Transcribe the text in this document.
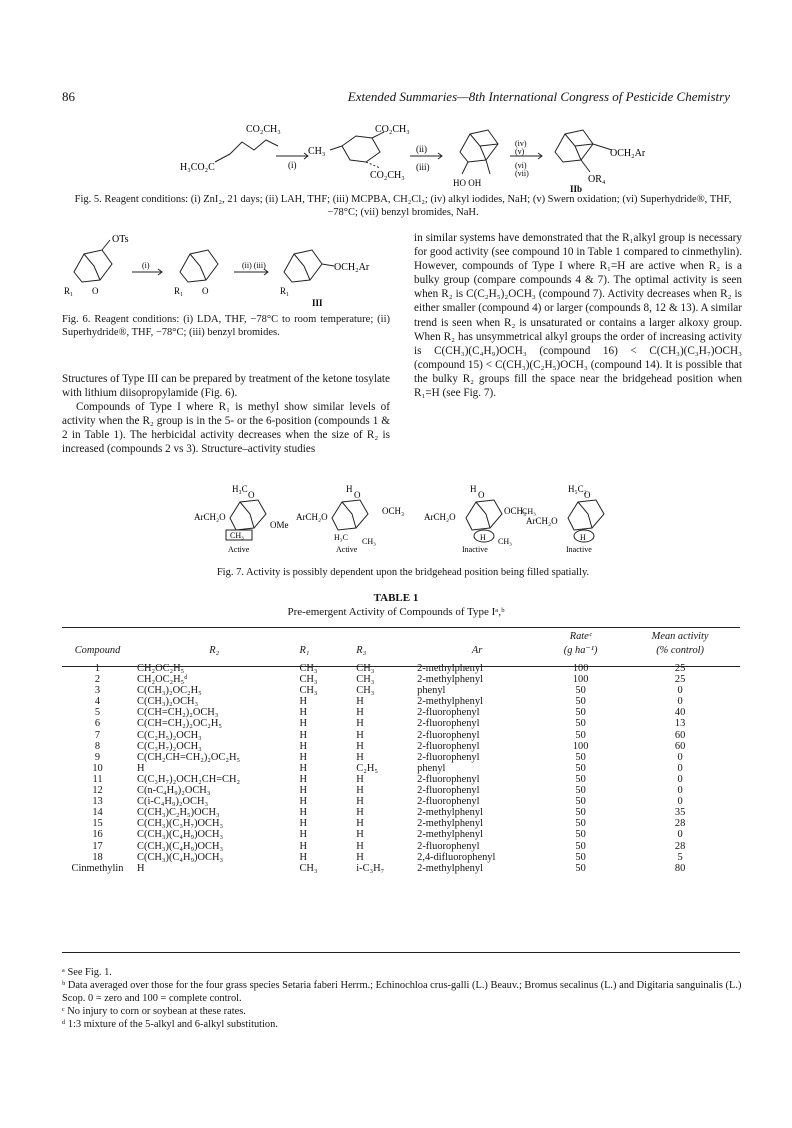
86	Extended Summaries—8th International Congress of Pesticide Chemistry
CO₂CH₃
H₃CO₂C	(i)
CH₃
CO₂CH₃
CO₂CH₃
(ii)
(iii)
HO OH
(iv)
(v)
(vi)
(vii)
OCH₂Ar
OR₄
IIb
Fig. 5. Reagent conditions: (i) ZnI₂, 21 days; (ii) LAH, THF; (iii) MCPBA, CH₂Cl₂; (iv) alkyl iodides, NaH; (v) Swern oxidation; (vi) Superhydride®, THF, −78°C; (vii) benzyl bromides, NaH.
OTs
(i)	(ii) (iii)
R₁ O	R₁ O	R₁
OCH₂Ar
III
Fig. 6. Reagent conditions: (i) LDA, THF, −78°C to room temperature; (ii) Superhydride®, THF, −78°C; (iii) benzyl bromides.

Structures of Type III can be prepared by treatment of the ketone tosylate with lithium diisopropylamide (Fig. 6).

Compounds of Type I where R₁ is methyl show similar levels of activity when the R₂ group is in the 5- or the 6-position (compounds 1 & 2 in Table 1). The herbicidal activity decreases when the size of R₂ is increased (compounds 2 vs 3). Structure–activity studies

in similar systems have demonstrated that the R₁alkyl group is necessary for good activity (see compound 10 in Table 1 compared to cinmethylin). However, compounds of Type I where R₁=H are active when R₂ is a bulky group (compare compounds 4 & 7). The optimal activity is seen when R₂ is C(C₂H₅)₂OCH₃ (compound 7). Activity decreases when R₂ is either smaller (compound 4) or larger (compounds 8, 12 & 13). A similar trend is seen when R₂ is unsaturated or contains a larger alkoxy group. When R₂ has unsymmetrical alkyl groups the order of increasing activity is C(CH₃)(C₄H₉)OCH₃ (compound 16) < C(CH₃)(C₃H₇)OCH₃ (compound 15) < C(CH₃)(C₂H₅)OCH₃ (compound 14). It is possible that the bulky R₂ groups fill the space near the bridgehead position when R₁=H (see Fig. 7).

H₃C
O
ArCH₂O
CH₃
OMe
Active
H
O
OCH₃
ArCH₂O
H₃C CH₃
Active
H
O
OCH₃
ArCH₂O
H CH₃
Inactive
H₅C₂
O
CH₃
ArCH₂O
H
Inactive
Fig. 7. Activity is possibly dependent upon the bridgehead position being filled spatially.
TABLE 1
Pre-emergent Activity of Compounds of Type Iᵃ,ᵇ
					Rateᶜ	Mean activity
Compound	R₂	R₁	R₃	Ar	(g ha⁻¹)	(% control)

1	CH₂OC₂H₅	CH₃	CH₃	2-methylphenyl	100	25
2	CH₂OC₂H₅ᵈ	CH₃	CH₃	2-methylphenyl	100	25
3	C(CH₃)₂OC₂H₅	CH₃	CH₃	phenyl	50	0
4	C(CH₃)₂OCH₃	H	H	2-methylphenyl	50	0
5	C(CH=CH₂)₂OCH₃	H	H	2-fluorophenyl	50	40
6	C(CH=CH₂)₂OC₂H₅	H	H	2-fluorophenyl	50	13
7	C(C₂H₅)₂OCH₃	H	H	2-fluorophenyl	50	60
8	C(C₃H₇)₂OCH₃	H	H	2-fluorophenyl	100	60
9	C(CH₂CH=CH₂)₂OC₂H₅	H	H	2-fluorophenyl	50	0
10	H	H	C₂H₅	phenyl	50	0
11	C(C₃H₇)₂OCH₂CH=CH₂	H	H	2-fluorophenyl	50	0
12	C(n-C₄H₉)₂OCH₃	H	H	2-fluorophenyl	50	0
13	C(i-C₄H₉)₂OCH₃	H	H	2-fluorophenyl	50	0
14	C(CH₃)C₂H₅)OCH₃	H	H	2-methylphenyl	50	35
15	C(CH₃)(C₃H₇)OCH₃	H	H	2-methylphenyl	50	28
16	C(CH₃)(C₄H₉)OCH₃	H	H	2-methylphenyl	50	0
17	C(CH₃)(C₄H₉)OCH₃	H	H	2-fluorophenyl	50	28
18	C(CH₃)(C₄H₉)OCH₃	H	H	2,4-difluorophenyl	50	5
Cinmethylin	H	CH₃	i-C₃H₇	2-methylphenyl	50	80
ᵃ See Fig. 1.
ᵇ Data averaged over those for the four grass species Setaria faberi Herrm.; Echinochloa crus-galli (L.) Beauv.; Bromus secalinus (L.) and Digitaria sanguinalis (L.) Scop. 0 = zero and 100 = complete control.
ᶜ No injury to corn or soybean at these rates.
ᵈ 1:3 mixture of the 5-alkyl and 6-alkyl substitution.
